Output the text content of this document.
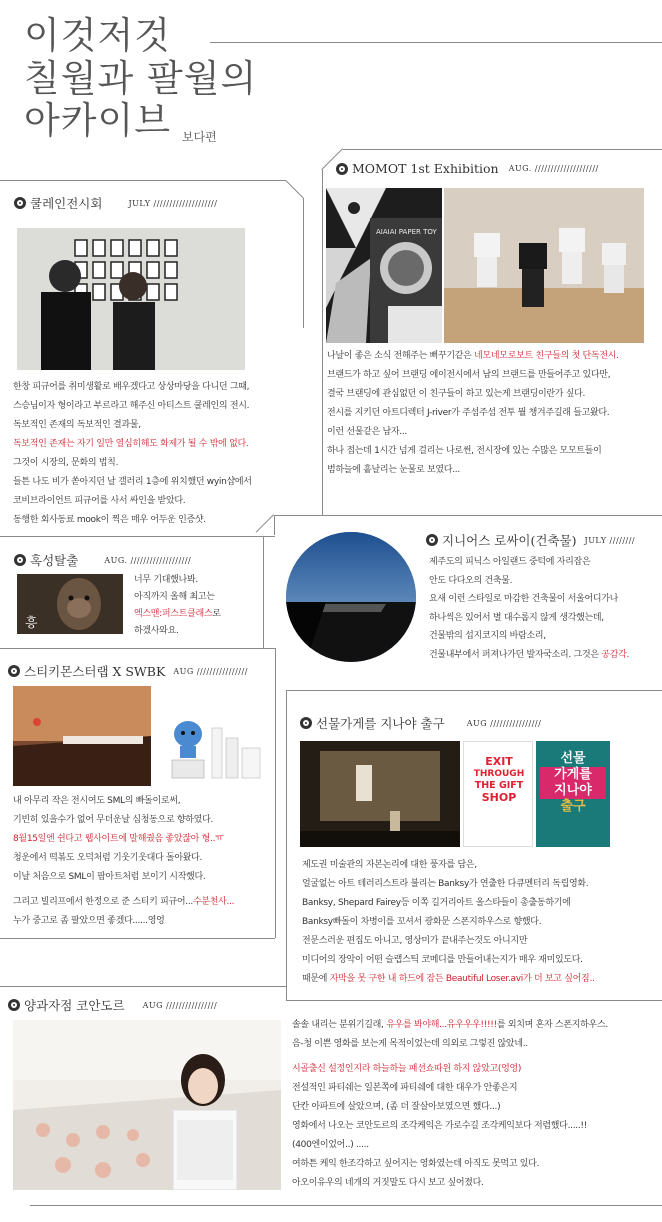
이것저것
칠월과 팔월의
아카이브 보다편
MOMOT 1st Exhibition AUG. ////////////////////
AIAIAI PAPER TOY

나날이 좋은 소식 전해주는 뻐꾸기같은 네모네모로보트 친구들의 첫 단독전시.

브랜드가 하고 싶어 브랜딩 에이전시에서 남의 브랜드를 만들어주고 있다만,

결국 브랜딩에 관심없던 이 친구들이 하고 있는게 브랜딩이란가 싶다.

전시를 지키던 아트디렉터 J-river가 주섬주섬 전투 뭘 챙겨주길래 들고왔다.

이런 선물같은 남자...

하나 접는데 1시간 넘게 걸리는 나로썬, 전시장에 있는 수많은 모모트들이

범하늘에 흩날리는 눈물로 보였다...

쿨레인전시회	JULY ////////////////////

한창 피규어를 취미생활로 배우겠다고 상상마당을 다니던 그때,

스승님이자 형이라고 부르라고 해주신 아티스트 쿨레인의 전시.

독보적인 존재의 독보적인 결과물,

독보적인 존재는 자기 일만 열심히해도 화제가 될 수 밖에 없다.

그것이 시장의, 문화의 법칙.

들튼 나도 비가 쏟아지던 날 갤러리 1층에 위치했던 wyin샵에서

코비브라이언트 피규어를 사서 싸인을 받았다.

동행한 회사동료 mook이 찍은 매우 어두운 인증샷.

혹성탈출	AUG. ///////////////////
흥

너무 기대했나봐.

아직까지 올해 최고는

엑스맨:퍼스트클래스로

하겠사와요.

지니어스 로싸이(건축물) JULY ////////

제주도의 피닉스 아일랜드 중턱에 자리잡은

안도 다다오의 건축물.

요새 이런 스타일로 마감한 건축물이 서울어디가나

하나씩은 있어서 별 대수롭지 않게 생각했는데,

건물밖의 섭지코지의 바람소리,

건물내부에서 퍼져나가던 발자국소리. 그것은 공감각.

스티키몬스터랩 X SWBK AUG ////////////////

내 아무리 작은 전시여도 SML의 빠돌이로써,

기빈히 있을수가 없어 무더운날 심청동으로 향하였다.

8월15일엔 쉰다고 웹사이트에 말해줬음 좋았잖아 형..ㅠ

청운에서 떡볶도 오덕처럼 기웃기웃대다 돌아왔다.

이날 처음으로 SML이 팝아트처럼 보이기 시작했다.

그리고 빌리프에서 한정으로 준 스티키 피규어...수분천사...

누가 중고로 좀 팔았으면 좋겠다......영엉

선물가게를 지나야 출구	AUG ////////////////
EXIT
THROUGH
THE GIFT
SHOP
선물
가게를
지나야
출구

제도권 미술관의 자본논리에 대한 풍자를 담은,

얼굴없는 아트 테러리스트라 불리는 Banksy가 연출한 다큐멘터리 독립영화.

Banksy, Shepard Fairey등 이쪽 길거리아트 올스타들이 총출동하기에

Banksy빠돌이 차병이를 꼬셔서 광화문 스폰지하우스로 향했다.

전문스러운 편집도 아니고, 영상미가 끝내주는것도 아니지만

미디어의 장악이 어떤 슬랩스틱 코메디를 만들어내는지가 매우 재미있도다.

때문에 자막을 못 구한 내 하드에 잠든 Beautiful Loser.avi가 더 보고 싶어짐..

양과자점 코안도르 AUG ////////////////

솔솔 내리는 분위기길래, 유우를 봐야해...유우우우!!!!!를 외치며 혼자 스폰지하우스.

음-청 이쁜 영화를 보는게 목적이었는데 의외로 그렇진 않았네..

시골출신 설정인지라 하늘하늘 패션쇼따윈 하지 않았고(엉엉)

전설적인 파티쉐는 일본쪽에 파티쉐에 대한 대우가 안좋은지

단칸 아파트에 살았으며, (좀 더 잘살아보였으면 했다...)

영화에서 나오는 코안도르의 조각케익은 가로수길 조각케익보다 저렴했다.....!!

(400엔이었어..) .....

여하튼 케익 한조각하고 싶어지는 영화였는데 아직도 못먹고 있다.

아오이유우의 네개의 거짓말도 다시 보고 싶어졌다.
